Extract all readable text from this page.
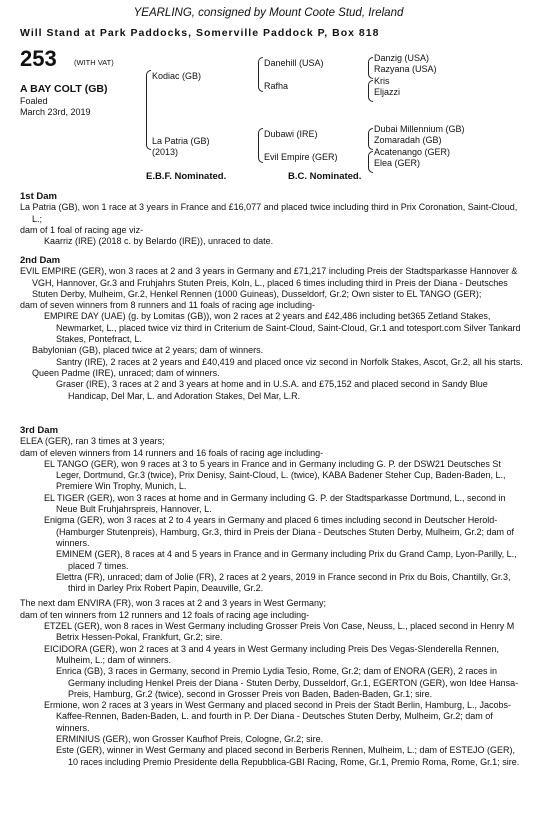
YEARLING, consigned by Mount Coote Stud, Ireland
Will Stand at Park Paddocks, Somerville Paddock P, Box 818
253 (WITH VAT)
A BAY COLT (GB)
Foaled
March 23rd, 2019
Kodiac (GB)
La Patria (GB)
(2013)
Danehill (USA)
Rafha
Dubawi (IRE)
Evil Empire (GER)
Danzig (USA)
Razyana (USA)
Kris
Eljazzi
Dubai Millennium (GB)
Zomaradah (GB)
Acatenango (GER)
Elea (GER)
E.B.F. Nominated.	B.C. Nominated.

1st Dam

La Patria (GB), won 1 race at 3 years in France and £16,077 and placed twice including third in Prix Coronation, Saint-Cloud, L.;

dam of 1 foal of racing age viz-

Kaarriz (IRE) (2018 c. by Belardo (IRE)), unraced to date.

2nd Dam

EVIL EMPIRE (GER), won 3 races at 2 and 3 years in Germany and £71,217 including Preis der Stadtsparkasse Hannover & VGH, Hannover, Gr.3 and Fruhjahrs Stuten Preis, Koln, L., placed 6 times including third in Preis der Diana - Deutsches Stuten Derby, Mulheim, Gr.2, Henkel Rennen (1000 Guineas), Dusseldorf, Gr.2; Own sister to EL TANGO (GER);

dam of seven winners from 8 runners and 11 foals of racing age including-

EMPIRE DAY (UAE) (g. by Lomitas (GB)), won 2 races at 2 years and £42,486 including bet365 Zetland Stakes, Newmarket, L., placed twice viz third in Criterium de Saint-Cloud, Saint-Cloud, Gr.1 and totesport.com Silver Tankard Stakes, Pontefract, L.

Babylonian (GB), placed twice at 2 years; dam of winners.

Santry (IRE), 2 races at 2 years and £40,419 and placed once viz second in Norfolk Stakes, Ascot, Gr.2, all his starts.

Queen Padme (IRE), unraced; dam of winners.

Graser (IRE), 3 races at 2 and 3 years at home and in U.S.A. and £75,152 and placed second in Sandy Blue Handicap, Del Mar, L. and Adoration Stakes, Del Mar, L.R.

3rd Dam

ELEA (GER), ran 3 times at 3 years;

dam of eleven winners from 14 runners and 16 foals of racing age including-

EL TANGO (GER), won 9 races at 3 to 5 years in France and in Germany including G. P. der DSW21 Deutsches St Leger, Dortmund, Gr.3 (twice), Prix Denisy, Saint-Cloud, L. (twice), KABA Badener Steher Cup, Baden-Baden, L., Premiere Win Trophy, Munich, L.

EL TIGER (GER), won 3 races at home and in Germany including G. P. der Stadtsparkasse Dortmund, L., second in Neue Bult Fruhjahrspreis, Hannover, L.

Enigma (GER), won 3 races at 2 to 4 years in Germany and placed 6 times including second in Deutscher Herold-(Hamburger Stutenpreis), Hamburg, Gr.3, third in Preis der Diana - Deutsches Stuten Derby, Mulheim, Gr.2; dam of winners.

EMINEM (GER), 8 races at 4 and 5 years in France and in Germany including Prix du Grand Camp, Lyon-Parilly, L., placed 7 times.

Elettra (FR), unraced; dam of Jolie (FR), 2 races at 2 years, 2019 in France second in Prix du Bois, Chantilly, Gr.3, third in Darley Prix Robert Papin, Deauville, Gr.2.

The next dam ENVIRA (FR), won 3 races at 2 and 3 years in West Germany;

dam of ten winners from 12 runners and 12 foals of racing age including-

ETZEL (GER), won 8 races in West Germany including Grosser Preis Von Case, Neuss, L., placed second in Henry M Betrix Hessen-Pokal, Frankfurt, Gr.2; sire.

EICIDORA (GER), won 2 races at 3 and 4 years in West Germany including Preis Des Vegas-Slenderella Rennen, Mulheim, L.; dam of winners.

Enrica (GB), 3 races in Germany, second in Premio Lydia Tesio, Rome, Gr.2; dam of ENORA (GER), 2 races in Germany including Henkel Preis der Diana - Stuten Derby, Dusseldorf, Gr.1, EGERTON (GER), won Idee Hansa-Preis, Hamburg, Gr.2 (twice), second in Grosser Preis von Baden, Baden-Baden, Gr.1; sire.

Ermione, won 2 races at 3 years in West Germany and placed second in Preis der Stadt Berlin, Hamburg, L., Jacobs-Kaffee-Rennen, Baden-Baden, L. and fourth in P. Der Diana - Deutsches Stuten Derby, Mulheim, Gr.2; dam of winners.

ERMINIUS (GER), won Grosser Kaufhof Preis, Cologne, Gr.2; sire.

Este (GER), winner in West Germany and placed second in Berberis Rennen, Mulheim, L.; dam of ESTEJO (GER), 10 races including Premio Presidente della Repubblica-GBI Racing, Rome, Gr.1, Premio Roma, Rome, Gr.1; sire.
